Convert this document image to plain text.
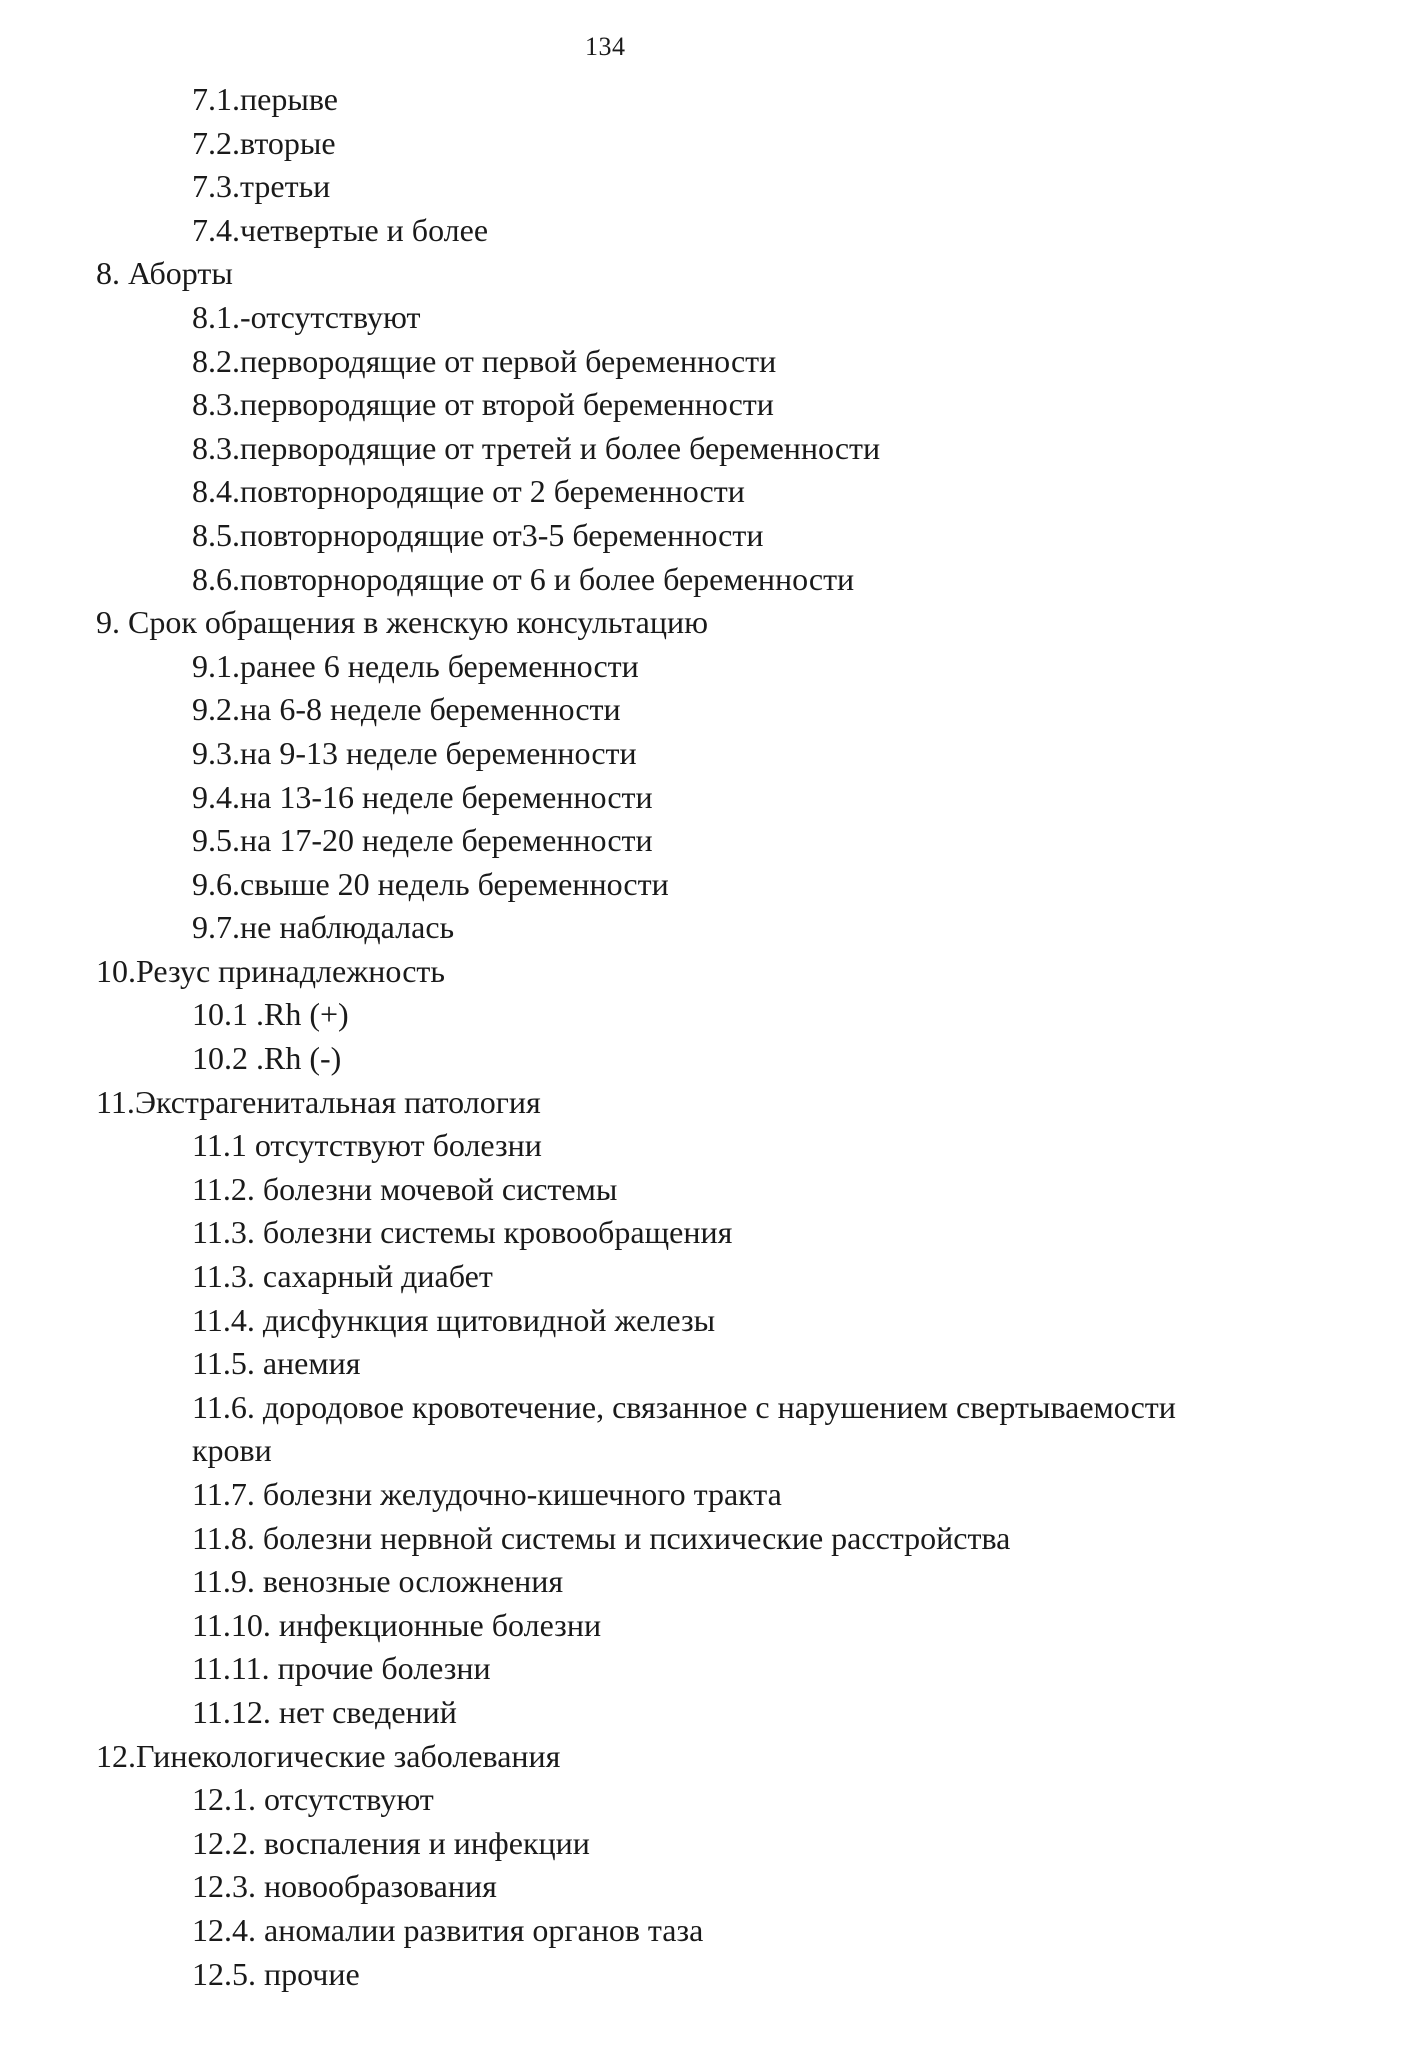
134
7.1.перыве
7.2.вторые
7.3.третьи
7.4.четвертые и более
8. Аборты
8.1.-отсутствуют
8.2.первородящие от первой беременности
8.3.первородящие от второй беременности
8.3.первородящие от третей и более беременности
8.4.повторнородящие от 2 беременности
8.5.повторнородящие от3-5 беременности
8.6.повторнородящие от 6 и более беременности
9. Срок обращения в женскую консультацию
9.1.ранее 6 недель беременности
9.2.на 6-8 неделе беременности
9.3.на 9-13 неделе беременности
9.4.на 13-16 неделе беременности
9.5.на 17-20 неделе беременности
9.6.свыше 20 недель беременности
9.7.не наблюдалась
10.Резус принадлежность
10.1 .Rh (+)
10.2 .Rh (-)
11.Экстрагенитальная патология
11.1 отсутствуют болезни
11.2. болезни мочевой системы
11.3. болезни системы кровообращения
11.3. сахарный диабет
11.4. дисфункция щитовидной железы
11.5. анемия
11.6. дородовое кровотечение, связанное с нарушением свертываемости
крови
11.7. болезни желудочно-кишечного тракта
11.8. болезни нервной системы и психические расстройства
11.9. венозные осложнения
11.10. инфекционные болезни
11.11. прочие болезни
11.12. нет сведений
12.Гинекологические заболевания
12.1. отсутствуют
12.2. воспаления и инфекции
12.3. новообразования
12.4. аномалии развития органов таза
12.5. прочие
